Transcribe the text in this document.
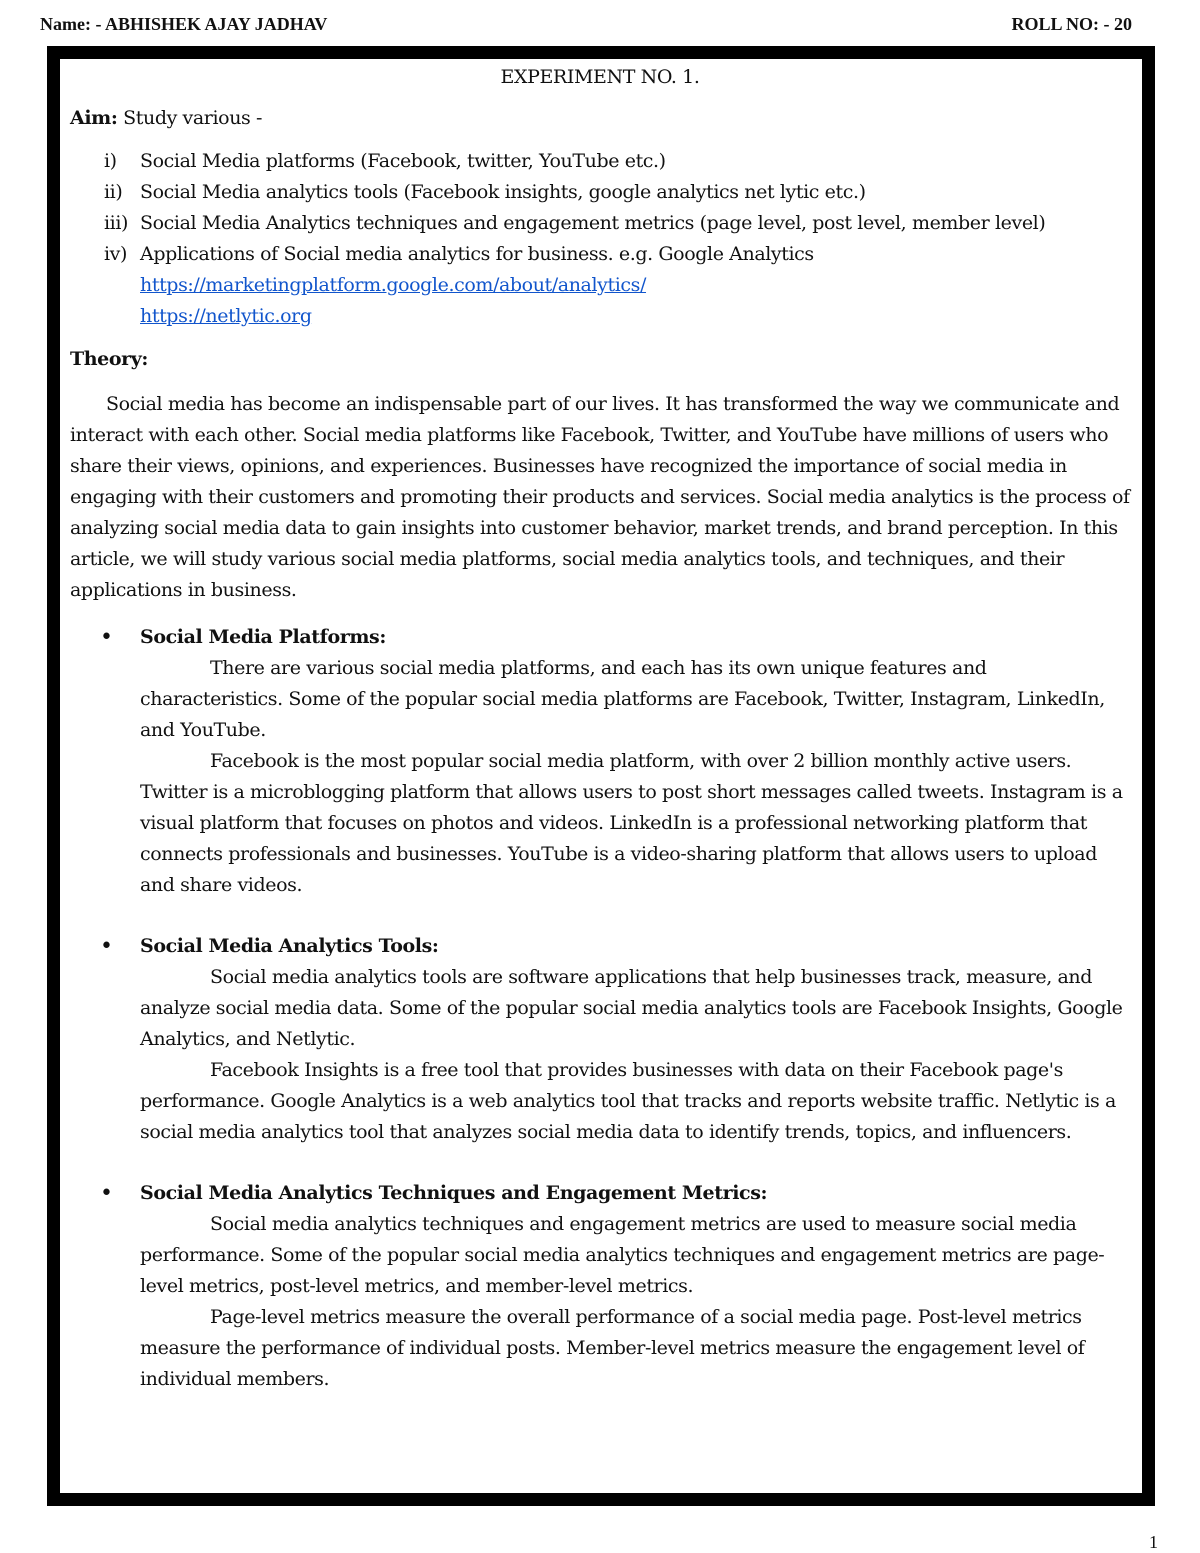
Name: - ABHISHEK AJAY JADHAV	ROLL NO: - 20
EXPERIMENT NO. 1.

Aim: Study various -

i) Social Media platforms (Facebook, twitter, YouTube etc.)
ii) Social Media analytics tools (Facebook insights, google analytics net lytic etc.)
iii) Social Media Analytics techniques and engagement metrics (page level, post level, member level)
iv) Applications of Social media analytics for business. e.g. Google Analytics
https://marketingplatform.google.com/about/analytics/
https://netlytic.org

Theory:

Social media has become an indispensable part of our lives. It has transformed the way we communicate and interact with each other. Social media platforms like Facebook, Twitter, and YouTube have millions of users who share their views, opinions, and experiences. Businesses have recognized the importance of social media in engaging with their customers and promoting their products and services. Social media analytics is the process of analyzing social media data to gain insights into customer behavior, market trends, and brand perception. In this article, we will study various social media platforms, social media analytics tools, and techniques, and their applications in business.

• Social Media Platforms:

There are various social media platforms, and each has its own unique features and characteristics. Some of the popular social media platforms are Facebook, Twitter, Instagram, LinkedIn, and YouTube.

Facebook is the most popular social media platform, with over 2 billion monthly active users. Twitter is a microblogging platform that allows users to post short messages called tweets. Instagram is a visual platform that focuses on photos and videos. LinkedIn is a professional networking platform that connects professionals and businesses. YouTube is a video-sharing platform that allows users to upload and share videos.

• Social Media Analytics Tools:

Social media analytics tools are software applications that help businesses track, measure, and analyze social media data. Some of the popular social media analytics tools are Facebook Insights, Google Analytics, and Netlytic.

Facebook Insights is a free tool that provides businesses with data on their Facebook page's performance. Google Analytics is a web analytics tool that tracks and reports website traffic. Netlytic is a social media analytics tool that analyzes social media data to identify trends, topics, and influencers.

• Social Media Analytics Techniques and Engagement Metrics:

Social media analytics techniques and engagement metrics are used to measure social media performance. Some of the popular social media analytics techniques and engagement metrics are page-level metrics, post-level metrics, and member-level metrics.

Page-level metrics measure the overall performance of a social media page. Post-level metrics measure the performance of individual posts. Member-level metrics measure the engagement level of individual members.

1
